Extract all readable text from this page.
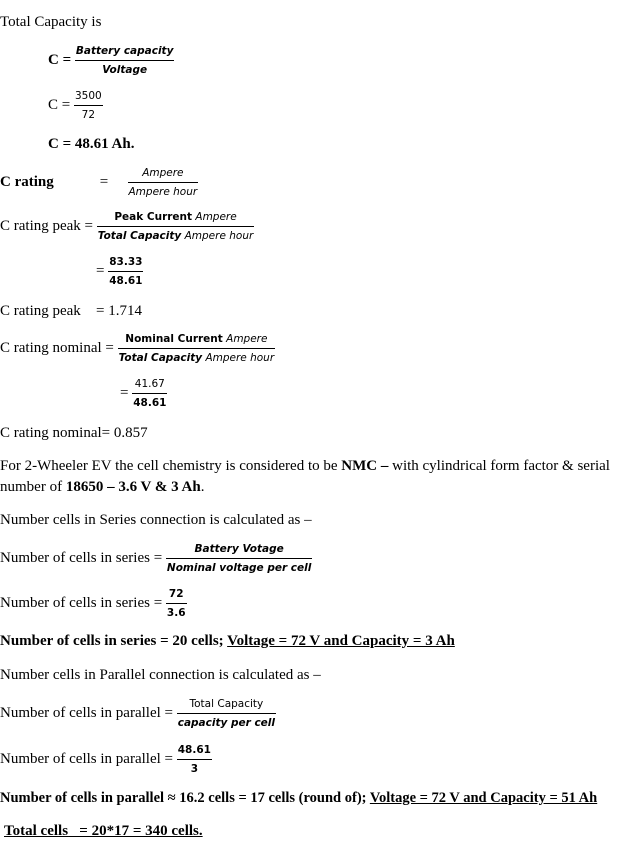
Total Capacity is
$C = \frac{\text{Battery capacity}}{\text{Voltage}}$
$C = \frac{3500}{72}$
C = 48.61 Ah.
C rating	= $\frac{\text{Ampere}}{\text{Ampere hour}}$
C rating peak = $\frac{\text{Peak Current Ampere}}{\text{Total Capacity Ampere hour}}$
= $\frac{83.33}{48.61}$
C rating peak = 1.714
C rating nominal = $\frac{\text{Nominal Current Ampere}}{\text{Total Capacity Ampere hour}}$
= $\frac{41.67}{48.61}$
C rating nominal= 0.857
For 2-Wheeler EV the cell chemistry is considered to be NMC – with cylindrical form factor & serial
number of 18650 – 3.6 V & 3 Ah.
Number cells in Series connection is calculated as –
Number of cells in series = $\frac{\text{Battery Votage}}{\text{Nominal voltage per cell}}$
Number of cells in series = $\frac{72}{3.6}$
Number of cells in series = 20 cells; Voltage = 72 V and Capacity = 3 Ah
Number cells in Parallel connection is calculated as –
Number of cells in parallel = $\frac{\text{Total Capacity}}{\text{capacity per cell}}$
Number of cells in parallel = $\frac{48.61}{3}$
Number of cells in parallel ≈ 16.2 cells = 17 cells (round of); Voltage = 72 V and Capacity = 51 Ah
Total cells   = 20*17 = 340 cells.
